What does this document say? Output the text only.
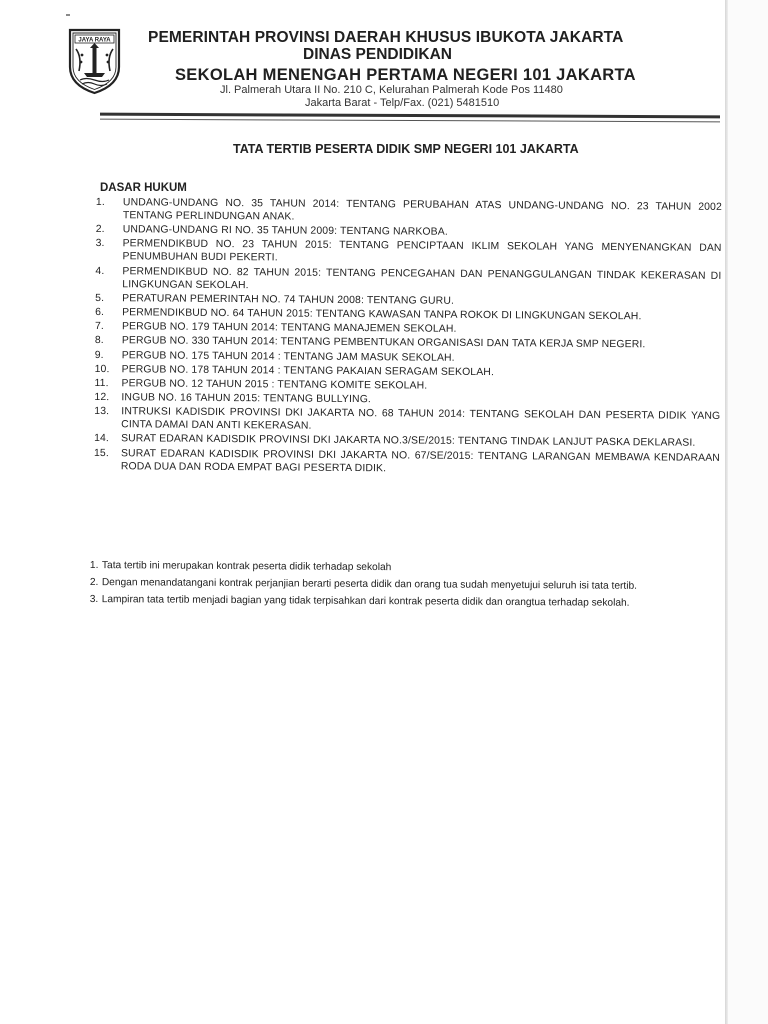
JAYA RAYA PEMERINTAH PROVINSI DAERAH KHUSUS IBUKOTA JAKARTA
DINAS PENDIDIKAN
SEKOLAH MENENGAH PERTAMA NEGERI 101 JAKARTA
Jl. Palmerah Utara II No. 210 C, Kelurahan Palmerah Kode Pos 11480
Jakarta Barat - Telp/Fax. (021) 5481510
TATA TERTIB PESERTA DIDIK SMP NEGERI 101 JAKARTA
DASAR HUKUM
1.	UNDANG-UNDANG NO. 35 TAHUN 2014: TENTANG PERUBAHAN ATAS UNDANG-UNDANG NO. 23 TAHUN 2002 TENTANG PERLINDUNGAN ANAK.
2.	UNDANG-UNDANG RI NO. 35 TAHUN 2009: TENTANG NARKOBA.
3.	PERMENDIKBUD NO. 23 TAHUN 2015: TENTANG PENCIPTAAN IKLIM SEKOLAH YANG MENYENANGKAN DAN PENUMBUHAN BUDI PEKERTI.
4.	PERMENDIKBUD NO. 82 TAHUN 2015: TENTANG PENCEGAHAN DAN PENANGGULANGAN TINDAK KEKERASAN DI LINGKUNGAN SEKOLAH.
5.	PERATURAN PEMERINTAH NO. 74 TAHUN 2008: TENTANG GURU.
6.	PERMENDIKBUD NO. 64 TAHUN 2015: TENTANG KAWASAN TANPA ROKOK DI LINGKUNGAN SEKOLAH.
7.	PERGUB NO. 179 TAHUN 2014: TENTANG MANAJEMEN SEKOLAH.
8.	PERGUB NO. 330 TAHUN 2014: TENTANG PEMBENTUKAN ORGANISASI DAN TATA KERJA SMP NEGERI.
9.	PERGUB NO. 175 TAHUN 2014 : TENTANG JAM MASUK SEKOLAH.
10.	PERGUB NO. 178 TAHUN 2014 : TENTANG PAKAIAN SERAGAM SEKOLAH.
11.	PERGUB NO. 12 TAHUN 2015 : TENTANG KOMITE SEKOLAH.
12.	INGUB NO. 16 TAHUN 2015: TENTANG BULLYING.
13.	INTRUKSI KADISDIK PROVINSI DKI JAKARTA NO. 68 TAHUN 2014: TENTANG SEKOLAH DAN PESERTA DIDIK YANG CINTA DAMAI DAN ANTI KEKERASAN.
14.	SURAT EDARAN KADISDIK PROVINSI DKI JAKARTA NO.3/SE/2015: TENTANG TINDAK LANJUT PASKA DEKLARASI.
15.	SURAT EDARAN KADISDIK PROVINSI DKI JAKARTA NO. 67/SE/2015: TENTANG LARANGAN MEMBAWA KENDARAAN RODA DUA DAN RODA EMPAT BAGI PESERTA DIDIK.
1. Tata tertib ini merupakan kontrak peserta didik terhadap sekolah
2. Dengan menandatangani kontrak perjanjian berarti peserta didik dan orang tua sudah menyetujui seluruh isi tata tertib.
3. Lampiran tata tertib menjadi bagian yang tidak terpisahkan dari kontrak peserta didik dan orangtua terhadap sekolah.
